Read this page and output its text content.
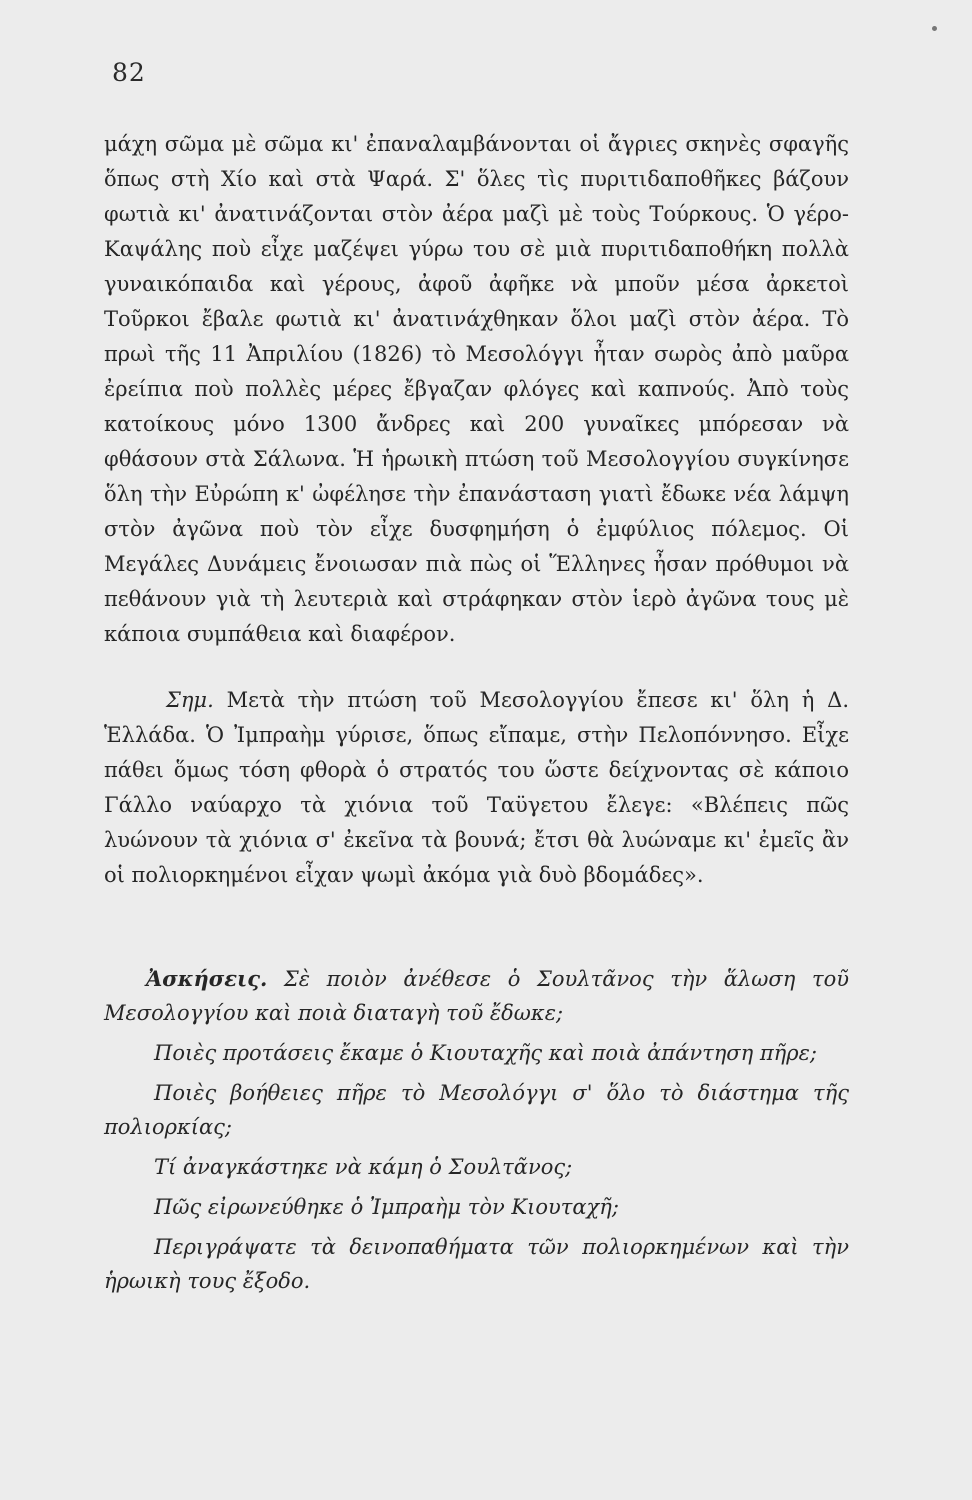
82
μάχη σῶμα μὲ σῶμα κι' ἐπαναλαμβάνονται οἱ ἄγριες σκηνὲς σφαγῆς ὅπως στὴ Χίο καὶ στὰ Ψαρά. Σ' ὅλες τὶς πυριτιδαποθῆκες βάζουν φωτιὰ κι' ἀνατινάζονται στὸν ἀέρα μαζὶ μὲ τοὺς Τούρκους. Ὁ γέρο-Καψάλης ποὺ εἶχε μαζέψει γύρω του σὲ μιὰ πυριτιδαποθήκη πολλὰ γυναικόπαιδα καὶ γέρους, ἀφοῦ ἀφῆκε νὰ μποῦν μέσα ἀρκετοὶ Τοῦρκοι ἔβαλε φωτιὰ κι' ἀνατινάχθηκαν ὅλοι μαζὶ στὸν ἀέρα. Τὸ πρωὶ τῆς 11 Ἀπριλίου (1826) τὸ Μεσολόγγι ἦταν σωρὸς ἀπὸ μαῦρα ἐρείπια ποὺ πολλὲς μέρες ἔβγαζαν φλόγες καὶ καπνούς. Ἀπὸ τοὺς κατοίκους μόνο 1300 ἄνδρες καὶ 200 γυναῖκες μπόρεσαν νὰ φθάσουν στὰ Σάλωνα. Ἡ ἡρωικὴ πτώση τοῦ Μεσολογγίου συγκίνησε ὅλη τὴν Εὐρώπη κ' ὠφέλησε τὴν ἐπανάσταση γιατὶ ἔδωκε νέα λάμψη στὸν ἀγῶνα ποὺ τὸν εἶχε δυσφημήση ὁ ἐμφύλιος πόλεμος. Οἱ Μεγάλες Δυνάμεις ἔνοιωσαν πιὰ πὼς οἱ Ἕλληνες ἦσαν πρόθυμοι νὰ πεθάνουν γιὰ τὴ λευτεριὰ καὶ στράφηκαν στὸν ἱερὸ ἀγῶνα τους μὲ κάποια συμπάθεια καὶ διαφέρον.
Σημ. Μετὰ τὴν πτώση τοῦ Μεσολογγίου ἔπεσε κι' ὅλη ἡ Δ. Ἑλλάδα. Ὁ Ἰμπραὴμ γύρισε, ὅπως εἴπαμε, στὴν Πελοπόννησο. Εἶχε πάθει ὅμως τόση φθορὰ ὁ στρατός του ὥστε δείχνοντας σὲ κάποιο Γάλλο ναύαρχο τὰ χιόνια τοῦ Ταϋγετου ἔλεγε: «Βλέπεις πῶς λυώνουν τὰ χιόνια σ' ἐκεῖνα τὰ βουνά; ἔτσι θὰ λυώναμε κι' ἐμεῖς ἂν οἱ πολιορκημένοι εἶχαν ψωμὶ ἀκόμα γιὰ δυὸ βδομάδες».

Ἀσκήσεις. Σὲ ποιὸν ἀνέθεσε ὁ Σουλτᾶνος τὴν ἅλωση τοῦ Μεσολογγίου καὶ ποιὰ διαταγὴ τοῦ ἔδωκε;

Ποιὲς προτάσεις ἔκαμε ὁ Κιουταχῆς καὶ ποιὰ ἀπάντηση πῆρε;

Ποιὲς βοήθειες πῆρε τὸ Μεσολόγγι σ' ὅλο τὸ διάστημα τῆς πολιορκίας;

Τί ἀναγκάστηκε νὰ κάμη ὁ Σουλτᾶνος;

Πῶς εἰρωνεύθηκε ὁ Ἰμπραὴμ τὸν Κιουταχῆ;

Περιγράψατε τὰ δεινοπαθήματα τῶν πολιορκημένων καὶ τὴν ἡρωικὴ τους ἔξοδο.
